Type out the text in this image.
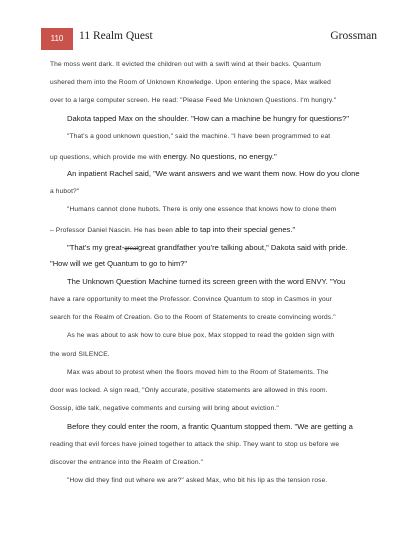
110	11 Realm Quest	Grossman
The moss went dark. It evicted the children out with a swift wind at their backs. Quantum
ushered them into the Room of Unknown Knowledge. Upon entering the space, Max walked
over to a large computer screen. He read: "Please Feed Me Unknown Questions. I'm hungry."
Dakota tapped Max on the shoulder. "How can a machine be hungry for questions?"
"That's a good unknown question," said the machine. "I have been programmed to eat
up questions, which provide me with energy. No questions, no energy."
An inpatient Rachel said, "We want answers and we want them now. How do you clone
a hubot?"
"Humans cannot clone hubots. There is only one essence that knows how to clone them
– Professor Daniel Nascin. He has been able to tap into their special genes."
"That's my great-greatgreat grandfather you're talking about," Dakota said with pride.
"How will we get Quantum to go to him?"
The Unknown Question Machine turned its screen green with the word ENVY. "You
have a rare opportunity to meet the Professor. Convince Quantum to stop in Casmos in your
search for the Realm of Creation. Go to the Room of Statements to create convincing words."
As he was about to ask how to cure blue pox, Max stopped to read the golden sign with
the word SILENCE.
Max was about to protest when the floors moved him to the Room of Statements. The
door was locked. A sign read, "Only accurate, positive statements are allowed in this room.
Gossip, idle talk, negative comments and cursing will bring about eviction."
Before they could enter the room, a frantic Quantum stopped them. "We are getting a
reading that evil forces have joined together to attack the ship. They want to stop us before we
discover the entrance into the Realm of Creation."
"How did they find out where we are?" asked Max, who bit his lip as the tension rose.
